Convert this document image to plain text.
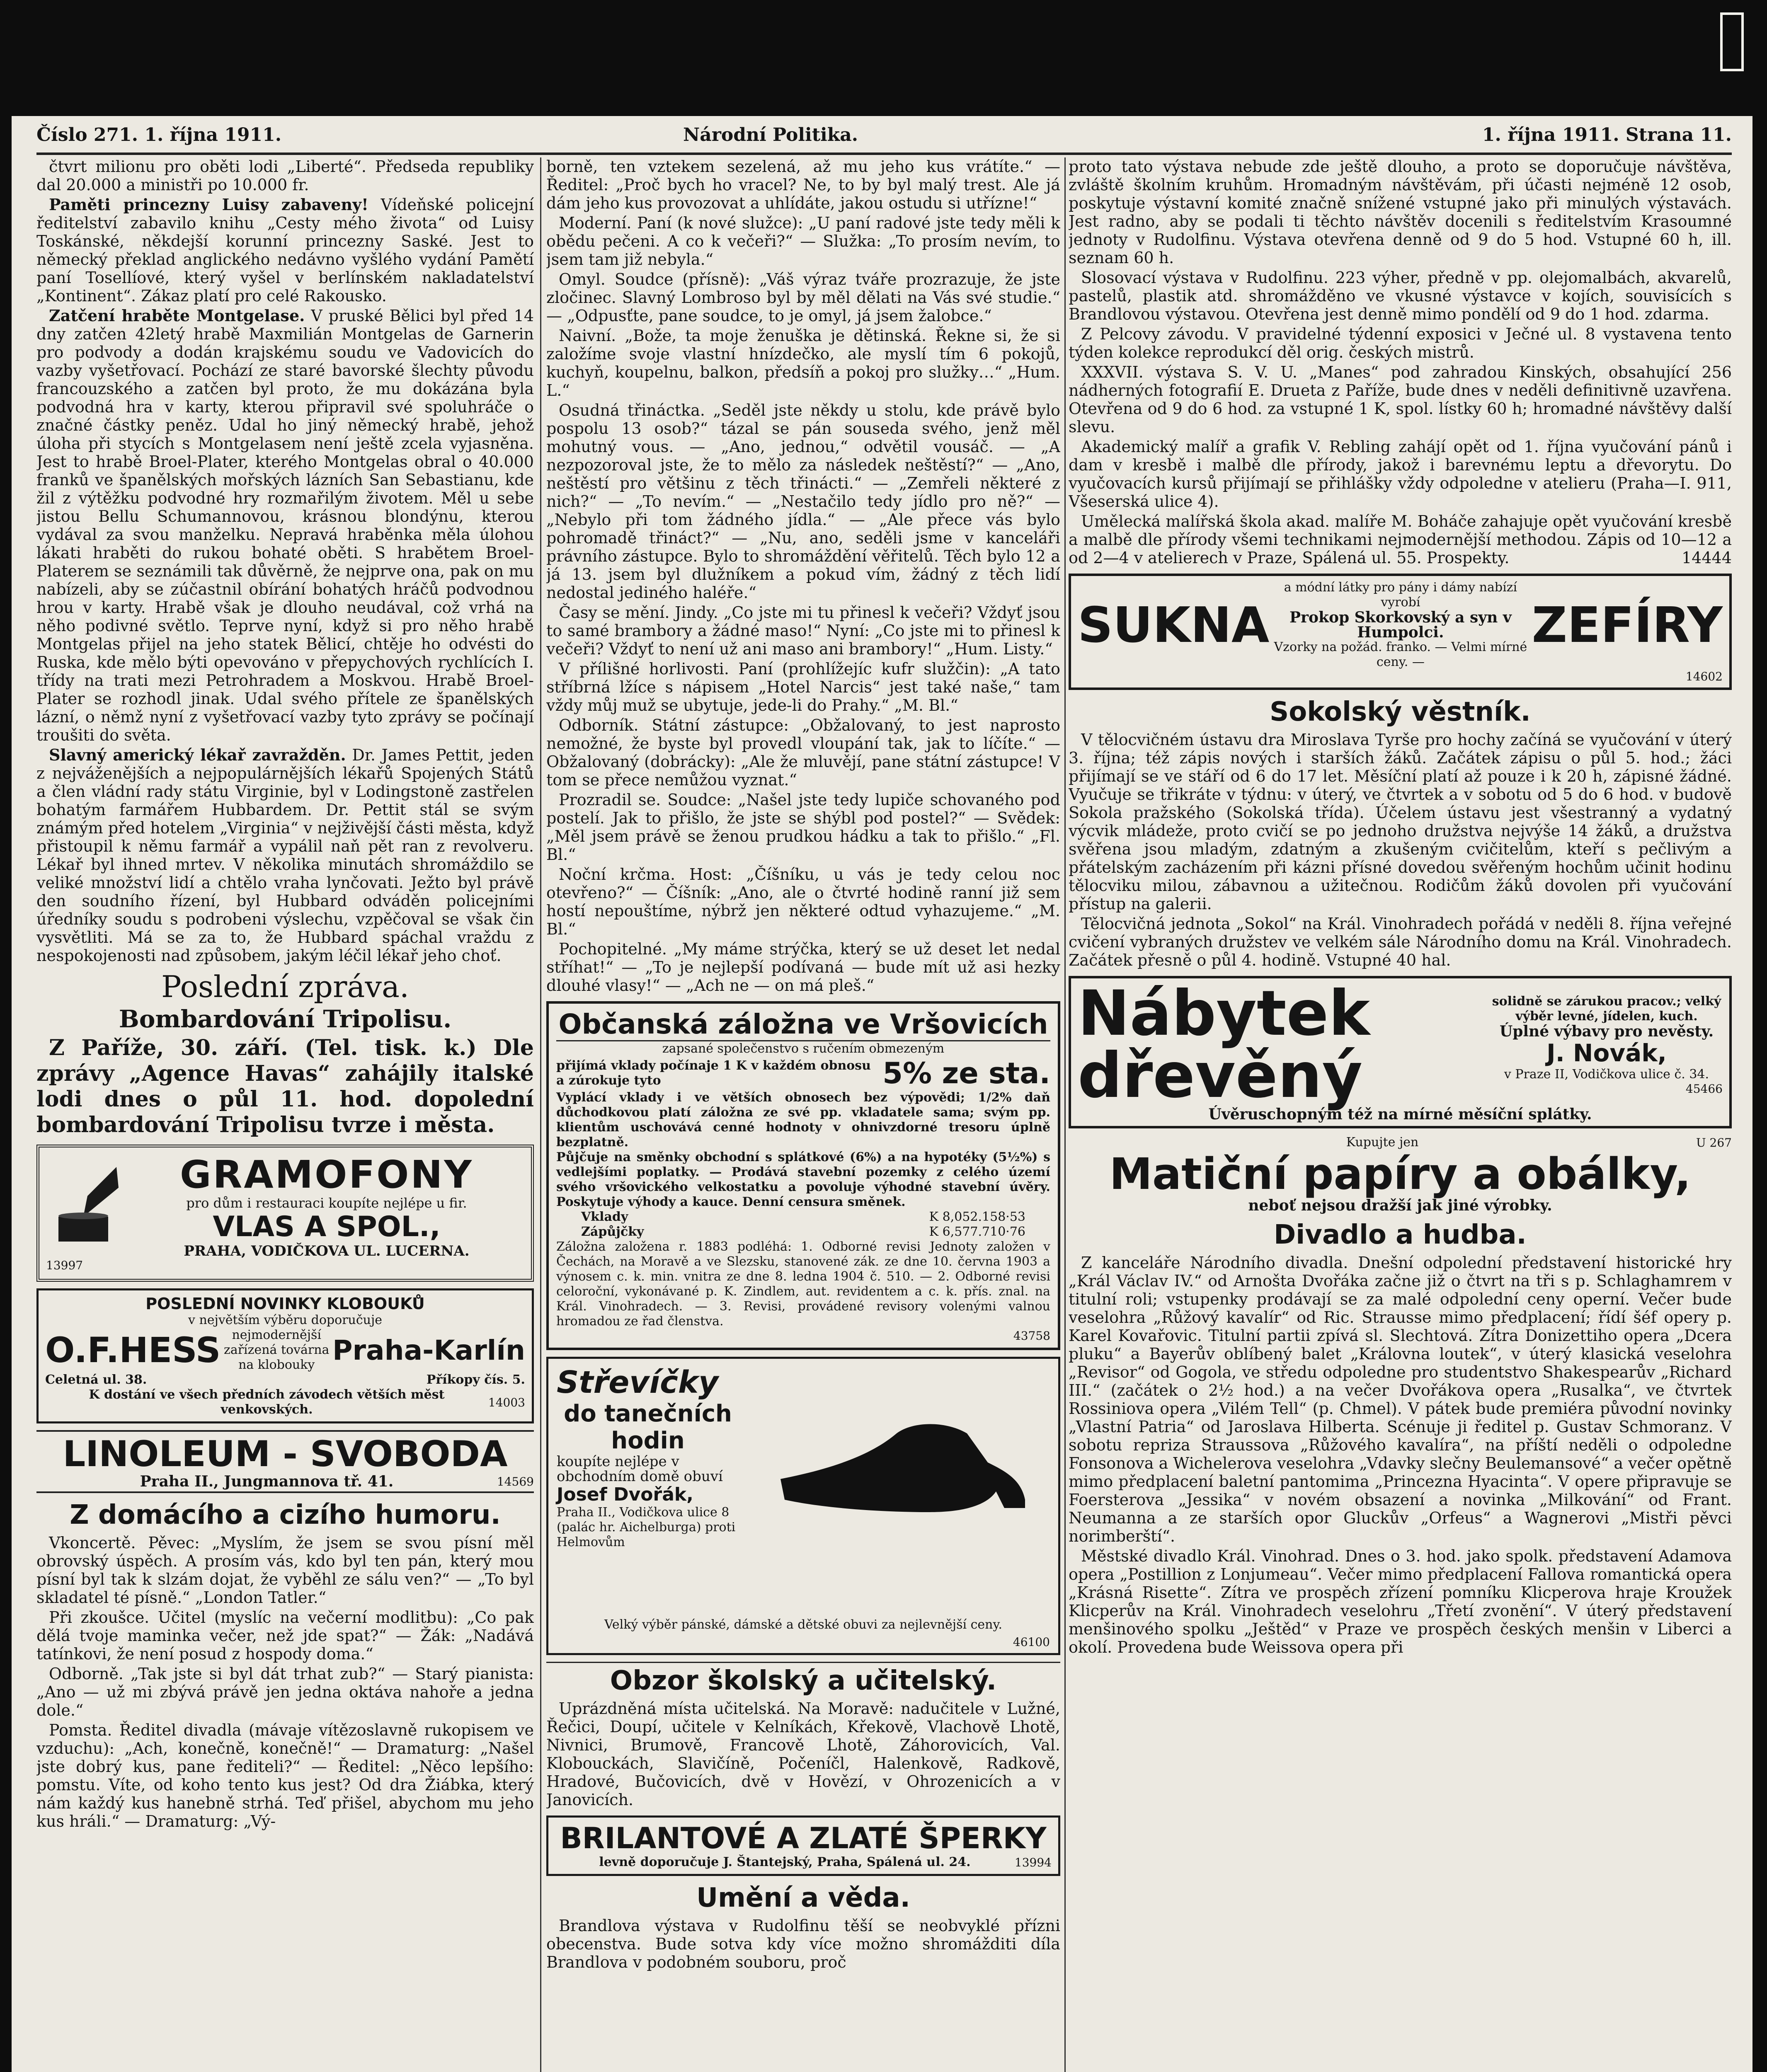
Číslo 271. 1. října 1911.	Národní Politika.	1. října 1911. Strana 11.

čtvrt milionu pro oběti lodi „Liberté“. Předseda republiky dal 20.000 a ministři po 10.000 fr.

Paměti princezny Luisy zabaveny! Vídeňské policejní ředitelství zabavilo knihu „Cesty mého života“ od Luisy Toskánské, někdejší korunní princezny Saské. Jest to německý překlad anglického nedávno vyšlého vydání Pamětí paní Tosellíové, který vyšel v berlínském nakladatelství „Kontinent“. Zákaz platí pro celé Rakousko.

Zatčení hraběte Montgelase. V pruské Bělici byl před 14 dny zatčen 42letý hrabě Maxmilián Montgelas de Garnerin pro podvody a dodán krajskému soudu ve Vadovicích do vazby vyšetřovací. Pochází ze staré bavorské šlechty původu francouzského a zatčen byl proto, že mu dokázána byla podvodná hra v karty, kterou připravil své spoluhráče o značné částky peněz. Udal ho jiný německý hrabě, jehož úloha při stycích s Montgelasem není ještě zcela vyjasněna. Jest to hrabě Broel-Plater, kterého Montgelas obral o 40.000 franků ve španělských mořských lázních San Sebastianu, kde žil z výtěžku podvodné hry rozmařilým životem. Měl u sebe jistou Bellu Schumannovou, krásnou blondýnu, kterou vydával za svou manželku. Nepravá hraběnka měla úlohou lákati hraběti do rukou bohaté oběti. S hrabětem Broel-Platerem se seznámili tak důvěrně, že nejprve ona, pak on mu nabízeli, aby se zúčastnil obírání bohatých hráčů podvodnou hrou v karty. Hrabě však je dlouho neudával, což vrhá na něho podivné světlo. Teprve nyní, když si pro něho hrabě Montgelas přijel na jeho statek Bělicí, chtěje ho odvésti do Ruska, kde mělo býti opevováno v přepychových rychlících I. třídy na trati mezi Petrohradem a Moskvou. Hrabě Broel-Plater se rozhodl jinak. Udal svého přítele ze španělských lázní, o němž nyní z vyšetřovací vazby tyto zprávy se počínají troušiti do světa.

Slavný americký lékař zavražděn. Dr. James Pettit, jeden z nejváženějších a nejpopulárnějších lékařů Spojených Států a člen vládní rady státu Virginie, byl v Lodingstoně zastřelen bohatým farmářem Hubbardem. Dr. Pettit stál se svým známým před hotelem „Virginia“ v nejživější části města, když přistoupil k němu farmář a vypálil naň pět ran z revolveru. Lékař byl ihned mrtev. V několika minutách shromáždilo se veliké množství lidí a chtělo vraha lynčovati. Ježto byl právě den soudního řízení, byl Hubbard odváděn policejními úředníky soudu s podrobeni výslechu, vzpěčoval se však čin vysvětliti. Má se za to, že Hubbard spáchal vraždu z nespokojenosti nad způsobem, jakým léčil lékař jeho choť.

Poslední zpráva.
Bombardování Tripolisu.

Z Paříže, 30. září. (Tel. tisk. k.) Dle zprávy „Agence Havas“ zahájily italské lodi dnes o půl 11. hod. dopolední bombardování Tripolisu tvrze i města.

GRAMOFONY
pro dům i restauraci koupíte nejlépe u fir.
VLAS A SPOL.,
PRAHA, VODIČKOVA UL. LUCERNA.
13997
POSLEDNÍ NOVINKY KLOBOUKŮ
v největším výběru doporučuje
O.F.HESS nejmodernější zařízená továrna na klobouky Praha-Karlín
Celetná ul. 38.	Příkopy čís. 5.
K dostání ve všech předních závodech větších měst venkovských.	14003
LINOLEUM - SVOBODA
Praha II., Jungmannova tř. 41.	14569
Z domácího a cizího humoru.

Vkoncertě. Pěvec: „Myslím, že jsem se svou písní měl obrovský úspěch. A prosím vás, kdo byl ten pán, který mou písní byl tak k slzám dojat, že vyběhl ze sálu ven?“ — „To byl skladatel té písně.“ „London Tatler.“

Při zkoušce. Učitel (myslíc na večerní modlitbu): „Co pak dělá tvoje maminka večer, než jde spat?“ — Žák: „Nadává tatínkovi, že není posud z hospody doma.“

Odborně. „Tak jste si byl dát trhat zub?“ — Starý pianista: „Ano — už mi zbývá právě jen jedna oktáva nahoře a jedna dole.“

Pomsta. Ředitel divadla (mávaje vítězoslavně rukopisem ve vzduchu): „Ach, konečně, konečně!“ — Dramaturg: „Našel jste dobrý kus, pane řediteli?“ — Ředitel: „Něco lepšího: pomstu. Víte, od koho tento kus jest? Od dra Žiábka, který nám každý kus hanebně strhá. Teď přišel, abychom mu jeho kus hráli.“ — Dramaturg: „Vý-

borně, ten vztekem sezelená, až mu jeho kus vrátíte.“ — Ředitel: „Proč bych ho vracel? Ne, to by byl malý trest. Ale já dám jeho kus provozovat a uhlídáte, jakou ostudu si utřízne!“

Moderní. Paní (k nové služce): „U paní radové jste tedy měli k obědu pečeni. A co k večeři?“ — Služka: „To prosím nevím, to jsem tam již nebyla.“

Omyl. Soudce (přísně): „Váš výraz tváře prozrazuje, že jste zločinec. Slavný Lombroso byl by měl dělati na Vás své studie.“ — „Odpusťte, pane soudce, to je omyl, já jsem žalobce.“

Naivní. „Bože, ta moje ženuška je dětinská. Řekne si, že si založíme svoje vlastní hnízdečko, ale myslí tím 6 pokojů, kuchyň, koupelnu, balkon, předsíň a pokoj pro služky…“ „Hum. L.“

Osudná třináctka. „Seděl jste někdy u stolu, kde právě bylo pospolu 13 osob?“ tázal se pán souseda svého, jenž měl mohutný vous. — „Ano, jednou,“ odvětil vousáč. — „A nezpozoroval jste, že to mělo za následek neštěstí?“ — „Ano, neštěstí pro většinu z těch třinácti.“ — „Zemřeli některé z nich?“ — „To nevím.“ — „Nestačilo tedy jídlo pro ně?“ — „Nebylo při tom žádného jídla.“ — „Ale přece vás bylo pohromadě třináct?“ — „Nu, ano, seděli jsme v kanceláři právního zástupce. Bylo to shromáždění věřitelů. Těch bylo 12 a já 13. jsem byl dlužníkem a pokud vím, žádný z těch lidí nedostal jediného haléře.“

Časy se mění. Jindy. „Co jste mi tu přinesl k večeři? Vždyť jsou to samé brambory a žádné maso!“ Nyní: „Co jste mi to přinesl k večeři? Vždyť to není už ani maso ani brambory!“ „Hum. Listy.“

V přílišné horlivosti. Paní (prohlížejíc kufr služčin): „A tato stříbrná lžíce s nápisem „Hotel Narcis“ jest také naše,“ tam vždy můj muž se ubytuje, jede-li do Prahy.“ „M. Bl.“

Odborník. Státní zástupce: „Obžalovaný, to jest naprosto nemožné, že byste byl provedl vloupání tak, jak to líčíte.“ — Obžalovaný (dobrácky): „Ale že mluvějí, pane státní zástupce! V tom se přece nemůžou vyznat.“

Prozradil se. Soudce: „Našel jste tedy lupiče schovaného pod postelí. Jak to přišlo, že jste se shýbl pod postel?“ — Svědek: „Měl jsem právě se ženou prudkou hádku a tak to přišlo.“ „Fl. Bl.“

Noční krčma. Host: „Číšníku, u vás je tedy celou noc otevřeno?“ — Číšník: „Ano, ale o čtvrté hodině ranní již sem hostí nepouštíme, nýbrž jen některé odtud vyhazujeme.“ „M. Bl.“

Pochopitelné. „My máme strýčka, který se už deset let nedal stříhat!“ — „To je nejlepší podívaná — bude mít už asi hezky dlouhé vlasy!“ — „Ach ne — on má pleš.“

Občanská záložna ve Vršovicích
zapsané společenstvo s ručením obmezeným
přijímá vklady počínaje 1 K v každém obnosu a zúrokuje tyto	5% ze sta.
Vyplácí vklady i ve větších obnosech bez výpovědi; 1/2% daň důchodkovou platí záložna ze své pp. vkladatele sama; svým pp. klientům uschovává cenné hodnoty v ohnivzdorné tresoru úplně bezplatně.
Půjčuje na směnky obchodní s splátkové (6%) a na hypotéky (5½%) s vedlejšími poplatky. — Prodává stavební pozemky z celého území svého vršovického velkostatku a povoluje výhodné stavební úvěry. Poskytuje výhody a kauce. Denní censura směnek.
Vklady	K 8,052.158·53
Zápůjčky	K 6,577.710·76
Záložna založena r. 1883 podléhá: 1. Odborné revisi Jednoty založen v Čechách, na Moravě a ve Slezsku, stanovené zák. ze dne 10. června 1903 a výnosem c. k. min. vnitra ze dne 8. ledna 1904 č. 510. — 2. Odborné revisi celoroční, vykonávané p. K. Zindlem, aut. revidentem a c. k. přís. znal. na Král. Vinohradech. — 3. Revisi, provádené revisory volenými valnou hromadou ze řad členstva.
43758
Střevíčky
do tanečních hodin
koupíte nejlépe v obchodním domě obuví
Josef Dvořák,
Praha II., Vodičkova ulice 8 (palác hr. Aichelburga) proti Helmovům
Velký výběr pánské, dámské a dětské obuvi za nejlevnější ceny.
46100
Obzor školský a učitelský.

Uprázdněná místa učitelská. Na Moravě: nadučitele v Lužné, Řečici, Doupí, učitele v Kelníkách, Křekově, Vlachově Lhotě, Nivnici, Brumově, Francově Lhotě, Záhorovicích, Val. Klobouckách, Slavičíně, Počeníčl, Halenkově, Radkově, Hradové, Bučovicích, dvě v Hovězí, v Ohrozenicích a v Janovicích.

BRILANTOVÉ A ZLATÉ ŠPERKY
levně doporučuje J. Štantejský, Praha, Spálená ul. 24.	13994
Umění a věda.

Brandlova výstava v Rudolfinu těší se neobvyklé přízni obecenstva. Bude sotva kdy více možno shromážditi díla Brandlova v podobném souboru, proč

proto tato výstava nebude zde ještě dlouho, a proto se doporučuje návštěva, zvláště školním kruhům. Hromadným návštěvám, při účasti nejméně 12 osob, poskytuje výstavní komité značně snížené vstupné jako při minulých výstavách. Jest radno, aby se podali ti těchto návštěv docenili s ředitelstvím Krasoumné jednoty v Rudolfinu. Výstava otevřena denně od 9 do 5 hod. Vstupné 60 h, ill. seznam 60 h.

Slosovací výstava v Rudolfinu. 223 výher, předně v pp. olejomalbách, akvarelů, pastelů, plastik atd. shromážděno ve vkusné výstavce v kojích, souvisících s Brandlovou výstavou. Otevřena jest denně mimo pondělí od 9 do 1 hod. zdarma.

Z Pelcovy závodu. V pravidelné týdenní exposici v Ječné ul. 8 vystavena tento týden kolekce reprodukcí děl orig. českých mistrů.

XXXVII. výstava S. V. U. „Manes“ pod zahradou Kinských, obsahující 256 nádherných fotografií E. Drueta z Paříže, bude dnes v neděli definitivně uzavřena. Otevřena od 9 do 6 hod. za vstupné 1 K, spol. lístky 60 h; hromadné návštěvy další slevu.

Akademický malíř a grafik V. Rebling zahájí opět od 1. října vyučování pánů i dam v kresbě i malbě dle přírody, jakož i barevnému leptu a dřevorytu. Do vyučovacích kursů přijímají se přihlášky vždy odpoledne v atelieru (Praha—I. 911, Všeserská ulice 4).

Umělecká malířská škola akad. malíře M. Boháče zahajuje opět vyučování kresbě a malbě dle přírody všemi technikami nejmodernější methodou. Zápis od 10—12 a od 2—4 v atelierech v Praze, Spálená ul. 55. Prospekty.	14444

SUKNA
a módní látky pro pány i dámy nabízí vyrobí
Prokop Skorkovský a syn v Humpolci.
Vzorky na požád. franko. — Velmi mírné ceny. —
ZEFÍRY
14602
Sokolský věstník.

V tělocvičném ústavu dra Miroslava Tyrše pro hochy začíná se vyučování v úterý 3. října; též zápis nových i starších žáků. Začátek zápisu o půl 5. hod.; žáci přijímají se ve stáří od 6 do 17 let. Měsíční platí až pouze i k 20 h, zápisné žádné. Vyučuje se třikráte v týdnu: v úterý, ve čtvrtek a v sobotu od 5 do 6 hod. v budově Sokola pražského (Sokolská třída). Účelem ústavu jest všestranný a vydatný výcvik mládeže, proto cvičí se po jednoho družstva nejvýše 14 žáků, a družstva svěřena jsou mladým, zdatným a zkušeným cvičitelům, kteří s pečlivým a přátelským zacházením při kázni přísné dovedou svěřeným hochům učinit hodinu tělocviku milou, zábavnou a užitečnou. Rodičům žáků dovolen při vyučování přístup na galerii.

Tělocvičná jednota „Sokol“ na Král. Vinohradech pořádá v neděli 8. října veřejné cvičení vybraných družstev ve velkém sále Národního domu na Král. Vinohradech. Začátek přesně o půl 4. hodině. Vstupné 40 hal.

Nábytek
dřevěný
solidně se zárukou pracov.; velký výběr levné, jídelen, kuch.
Úplné výbavy pro nevěsty.
J. Novák,
v Praze II, Vodičkova ulice č. 34.
45466
Úvěruschopným též na mírné měsíční splátky.
Kupujte jen	U 267
Matiční papíry a obálky,
neboť nejsou dražší jak jiné výrobky.
Divadlo a hudba.

Z kanceláře Národního divadla. Dnešní odpolední představení historické hry „Král Václav IV.“ od Arnošta Dvořáka začne již o čtvrt na tři s p. Schlaghamrem v titulní roli; vstupenky prodávají se za malé odpolední ceny operní. Večer bude veselohra „Růžový kavalír“ od Ric. Strausse mimo předplacení; řídí šéf opery p. Karel Kovařovic. Titulní partii zpívá sl. Slechtová. Zítra Donizettiho opera „Dcera pluku“ a Bayerův oblíbený balet „Královna loutek“, v úterý klasická veselohra „Revisor“ od Gogola, ve středu odpoledne pro studentstvo Shakespearův „Richard III.“ (začátek o 2½ hod.) a na večer Dvořákova opera „Rusalka“, ve čtvrtek Rossiniova opera „Vilém Tell“ (p. Chmel). V pátek bude premiéra původní novinky „Vlastní Patria“ od Jaroslava Hilberta. Scénuje ji ředitel p. Gustav Schmoranz. V sobotu repriza Straussova „Růžového kavalíra“, na příští neděli o odpoledne Fonsonova a Wichelerova veselohra „Vdavky slečny Beulemansové“ a večer opětně mimo předplacení baletní pantomima „Princezna Hyacinta“. V opere připravuje se Foersterova „Jessika“ v novém obsazení a novinka „Milkování“ od Frant. Neumanna a ze starších opor Gluckův „Orfeus“ a Wagnerovi „Mistři pěvci norimberští“.

Městské divadlo Král. Vinohrad. Dnes o 3. hod. jako spolk. představení Adamova opera „Postillion z Lonjumeau“. Večer mimo předplacení Fallova romantická opera „Krásná Risette“. Zítra ve prospěch zřízení pomníku Klicperova hraje Kroužek Klicperův na Král. Vinohradech veselohru „Třetí zvonění“. V úterý představení menšinového spolku „Ještěd“ v Praze ve prospěch českých menšin v Liberci a okolí. Provedena bude Weissova opera při
